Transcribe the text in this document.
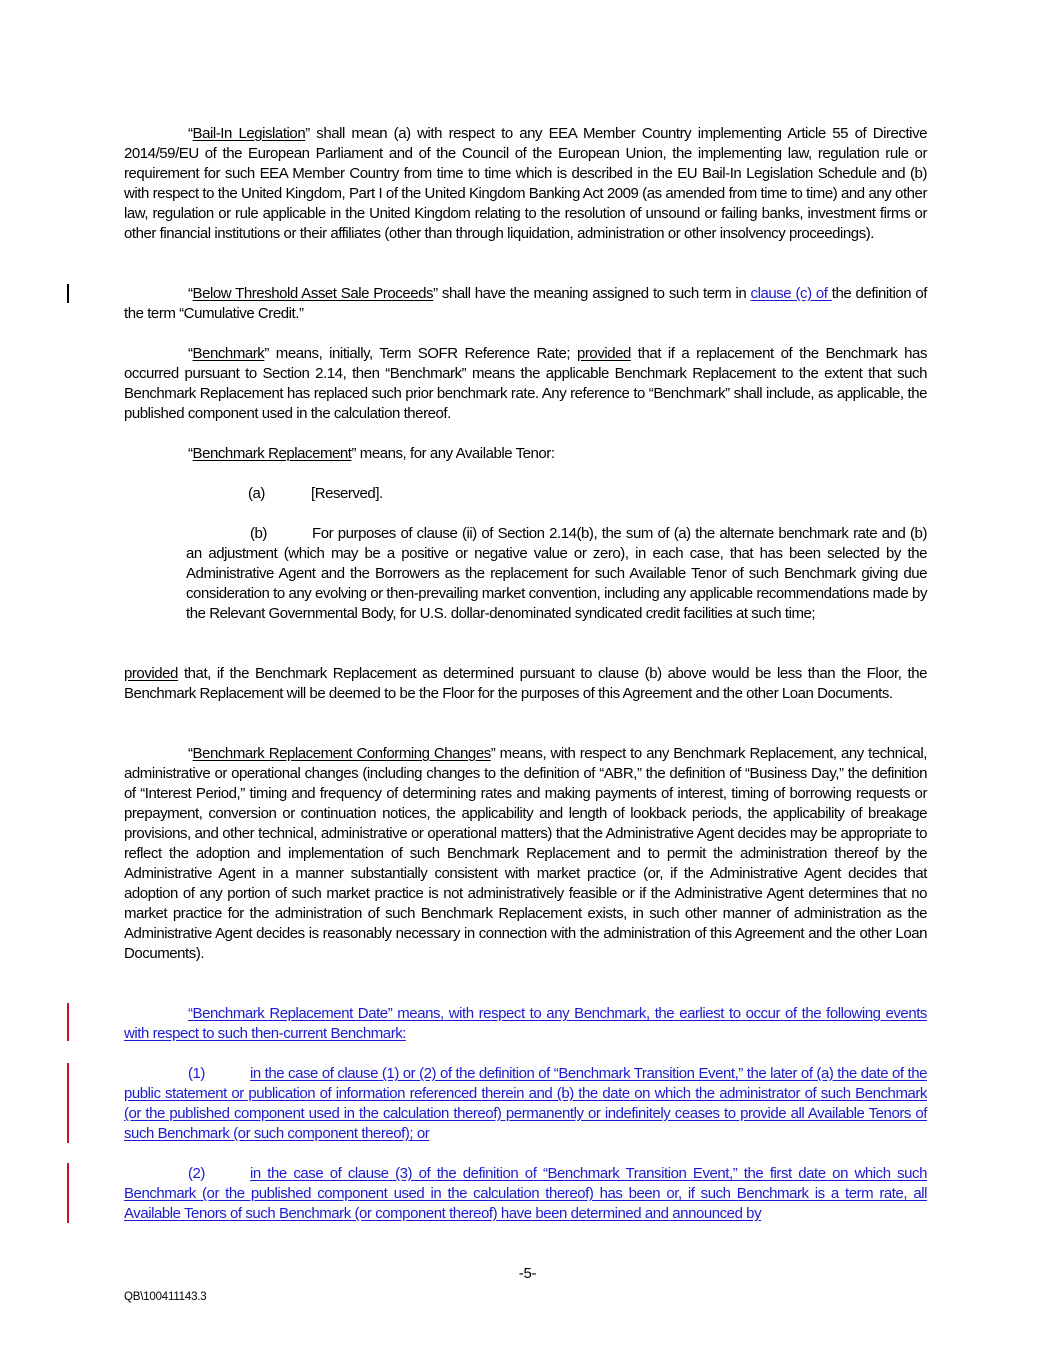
“Bail-In Legislation” shall mean (a) with respect to any EEA Member Country implementing Article 55 of Directive 2014/59/EU of the European Parliament and of the Council of the European Union, the implementing law, regulation rule or requirement for such EEA Member Country from time to time which is described in the EU Bail-In Legislation Schedule and (b) with respect to the United Kingdom, Part I of the United Kingdom Banking Act 2009 (as amended from time to time) and any other law, regulation or rule applicable in the United Kingdom relating to the resolution of unsound or failing banks, investment firms or other financial institutions or their affiliates (other than through liquidation, administration or other insolvency proceedings).

“Below Threshold Asset Sale Proceeds” shall have the meaning assigned to such term in clause (c) of the definition of the term “Cumulative Credit.”

“Benchmark” means, initially, Term SOFR Reference Rate; provided that if a replacement of the Benchmark has occurred pursuant to Section 2.14, then “Benchmark” means the applicable Benchmark Replacement to the extent that such Benchmark Replacement has replaced such prior benchmark rate. Any reference to “Benchmark” shall include, as applicable, the published component used in the calculation thereof.

“Benchmark Replacement” means, for any Available Tenor:

(a)	[Reserved].

(b)	For purposes of clause (ii) of Section 2.14(b), the sum of (a) the alternate benchmark rate and (b) an adjustment (which may be a positive or negative value or zero), in each case, that has been selected by the Administrative Agent and the Borrowers as the replacement for such Available Tenor of such Benchmark giving due consideration to any evolving or then-prevailing market convention, including any applicable recommendations made by the Relevant Governmental Body, for U.S. dollar-denominated syndicated credit facilities at such time;

provided that, if the Benchmark Replacement as determined pursuant to clause (b) above would be less than the Floor, the Benchmark Replacement will be deemed to be the Floor for the purposes of this Agreement and the other Loan Documents.

“Benchmark Replacement Conforming Changes” means, with respect to any Benchmark Replacement, any technical, administrative or operational changes (including changes to the definition of “ABR,” the definition of “Business Day,” the definition of “Interest Period,” timing and frequency of determining rates and making payments of interest, timing of borrowing requests or prepayment, conversion or continuation notices, the applicability and length of lookback periods, the applicability of breakage provisions, and other technical, administrative or operational matters) that the Administrative Agent decides may be appropriate to reflect the adoption and implementation of such Benchmark Replacement and to permit the administration thereof by the Administrative Agent in a manner substantially consistent with market practice (or, if the Administrative Agent decides that adoption of any portion of such market practice is not administratively feasible or if the Administrative Agent determines that no market practice for the administration of such Benchmark Replacement exists, in such other manner of administration as the Administrative Agent decides is reasonably necessary in connection with the administration of this Agreement and the other Loan Documents).

“Benchmark Replacement Date” means, with respect to any Benchmark, the earliest to occur of the following events with respect to such then-current Benchmark:

(1)	in the case of clause (1) or (2) of the definition of “Benchmark Transition Event,” the later of (a) the date of the public statement or publication of information referenced therein and (b) the date on which the administrator of such Benchmark (or the published component used in the calculation thereof) permanently or indefinitely ceases to provide all Available Tenors of such Benchmark (or such component thereof); or

(2)	in the case of clause (3) of the definition of “Benchmark Transition Event,” the first date on which such Benchmark (or the published component used in the calculation thereof) has been or, if such Benchmark is a term rate, all Available Tenors of such Benchmark (or component thereof) have been determined and announced by

-5-
QB\100411143.3
